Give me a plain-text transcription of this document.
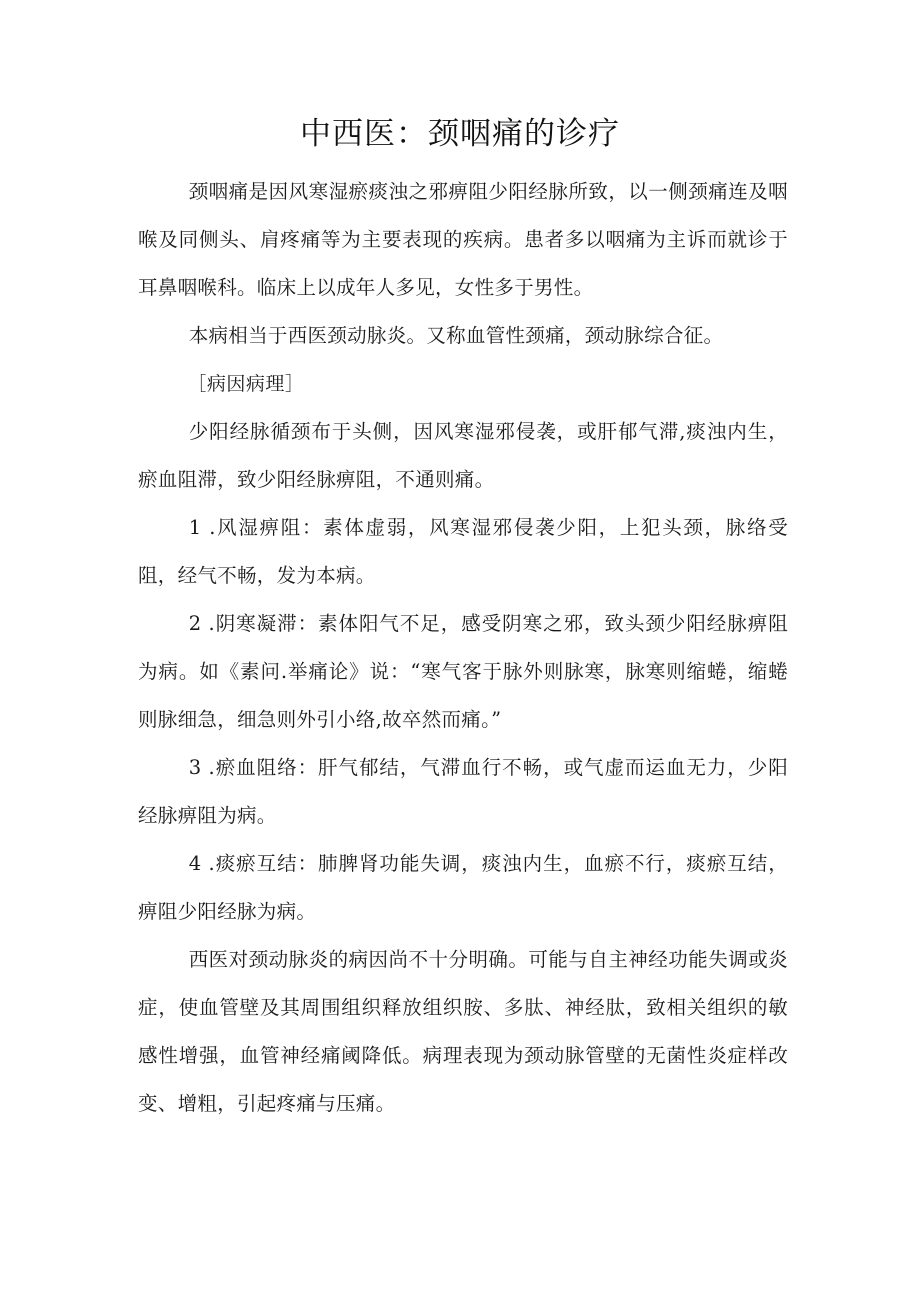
中西医：颈咽痛的诊疗

颈咽痛是因风寒湿瘀痰浊之邪痹阻少阳经脉所致，以一侧颈痛连及咽喉及同侧头、肩疼痛等为主要表现的疾病。患者多以咽痛为主诉而就诊于耳鼻咽喉科。临床上以成年人多见，女性多于男性。

本病相当于西医颈动脉炎。又称血管性颈痛，颈动脉综合征。

［病因病理］

少阳经脉循颈布于头侧，因风寒湿邪侵袭，或肝郁气滞,痰浊内生，瘀血阻滞，致少阳经脉痹阻，不通则痛。

1 .风湿痹阻：素体虚弱，风寒湿邪侵袭少阳，上犯头颈，脉络受阻，经气不畅，发为本病。

2 .阴寒凝滞：素体阳气不足，感受阴寒之邪，致头颈少阳经脉痹阻为病。如《素问.举痛论》说：“寒气客于脉外则脉寒，脉寒则缩蜷，缩蜷则脉细急，细急则外引小络,故卒然而痛。”

3 .瘀血阻络：肝气郁结，气滞血行不畅，或气虚而运血无力，少阳经脉痹阻为病。

4 .痰瘀互结：肺脾肾功能失调，痰浊内生，血瘀不行，痰瘀互结，痹阻少阳经脉为病。

西医对颈动脉炎的病因尚不十分明确。可能与自主神经功能失调或炎症，使血管壁及其周围组织释放组织胺、多肽、神经肽，致相关组织的敏感性增强，血管神经痛阈降低。病理表现为颈动脉管壁的无菌性炎症样改变、增粗，引起疼痛与压痛。
